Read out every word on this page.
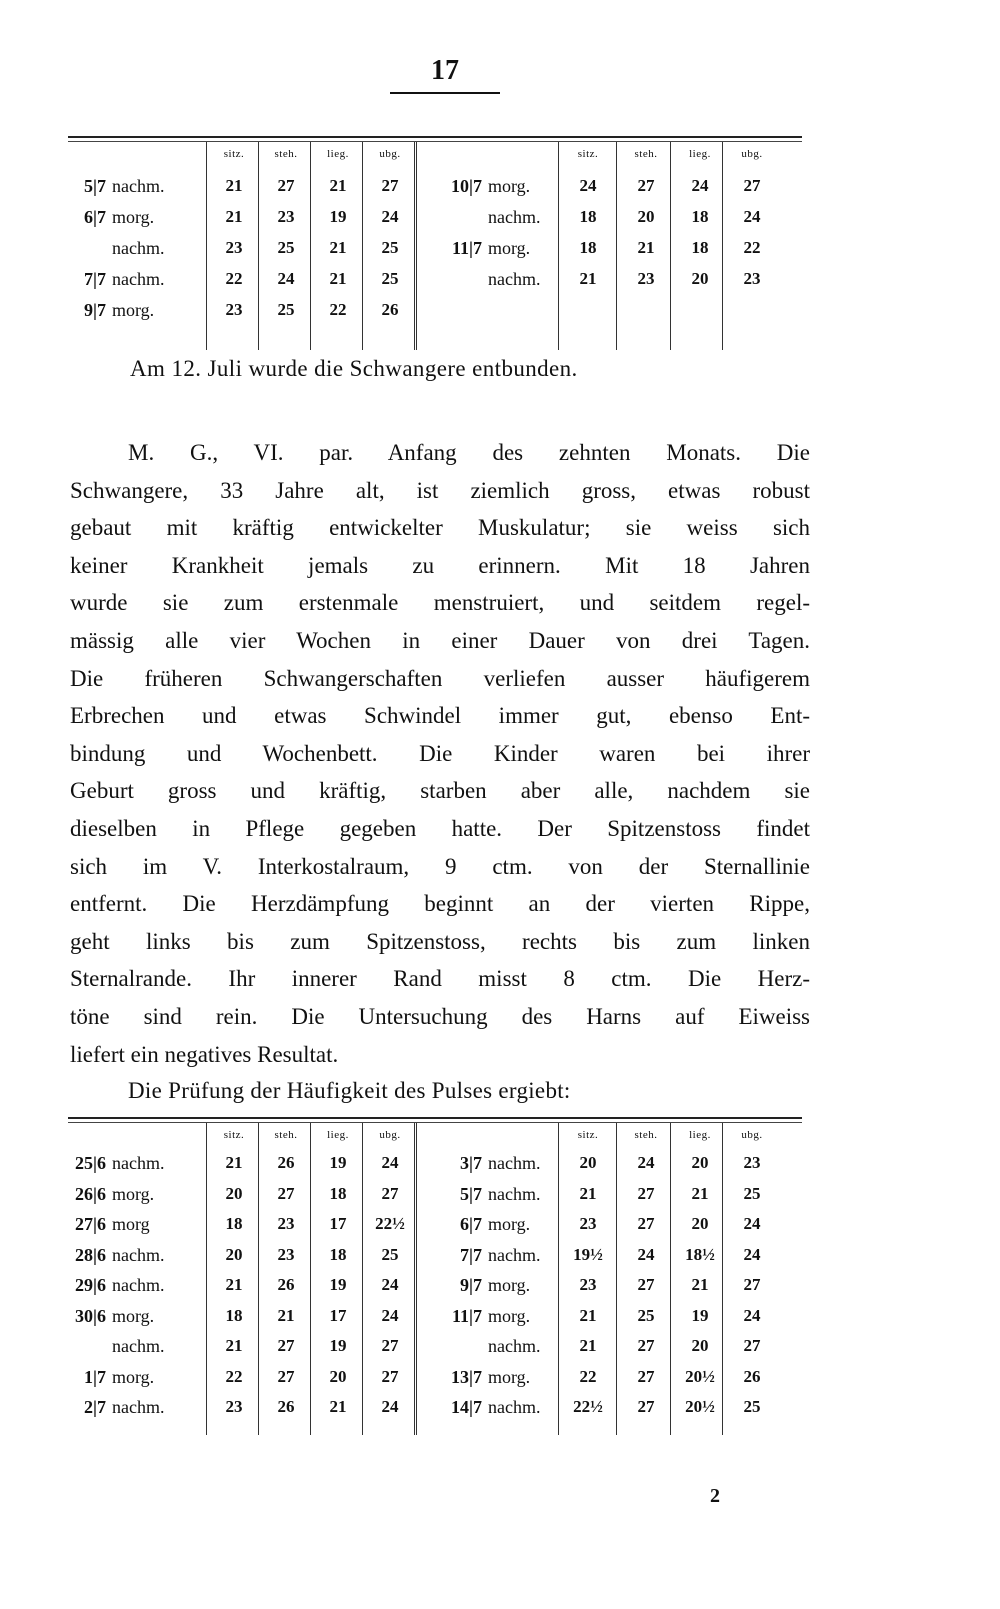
17
sitz.	steh.	lieg.	ubg.
5|7 nachm.	21	27	21	27
6|7 morg.	21	23	19	24
nachm.	23	25	21	25
7|7 nachm.	22	24	21	25
9|7 morg.	23	25	22	26
sitz.	steh.	lieg.	ubg.
10|7 morg.	24	27	24	27
nachm.	18	20	18	24
11|7 morg.	18	21	18	22
nachm.	21	23	20	23
Am 12. Juli wurde die Schwangere entbunden.
M. G., VI. par. Anfang des zehnten Monats. Die
Schwangere, 33 Jahre alt, ist ziemlich gross, etwas robust
gebaut mit kräftig entwickelter Muskulatur; sie weiss sich
keiner Krankheit jemals zu erinnern. Mit 18 Jahren
wurde sie zum erstenmale menstruiert, und seitdem regel-
mässig alle vier Wochen in einer Dauer von drei Tagen.
Die früheren Schwangerschaften verliefen ausser häufigerem
Erbrechen und etwas Schwindel immer gut, ebenso Ent-
bindung und Wochenbett. Die Kinder waren bei ihrer
Geburt gross und kräftig, starben aber alle, nachdem sie
dieselben in Pflege gegeben hatte. Der Spitzenstoss findet
sich im V. Interkostalraum, 9 ctm. von der Sternallinie
entfernt. Die Herzdämpfung beginnt an der vierten Rippe,
geht links bis zum Spitzenstoss, rechts bis zum linken
Sternalrande. Ihr innerer Rand misst 8 ctm. Die Herz-
töne sind rein. Die Untersuchung des Harns auf Eiweiss
liefert ein negatives Resultat.
Die Prüfung der Häufigkeit des Pulses ergiebt:
sitz.	steh.	lieg.	ubg.
25|6 nachm.	21	26	19	24
26|6 morg.	20	27	18	27
27|6 morg	18	23	17	22½
28|6 nachm.	20	23	18	25
29|6 nachm.	21	26	19	24
30|6 morg.	18	21	17	24
nachm.	21	27	19	27
1|7 morg.	22	27	20	27
2|7 nachm.	23	26	21	24
sitz.	steh.	lieg.	ubg.
3|7 nachm.	20	24	20	23
5|7 nachm.	21	27	21	25
6|7 morg.	23	27	20	24
7|7 nachm.	19½	24	18½	24
9|7 morg.	23	27	21	27
11|7 morg.	21	25	19	24
nachm.	21	27	20	27
13|7 morg.	22	27	20½	26
14|7 nachm.	22½	27	20½	25
2
